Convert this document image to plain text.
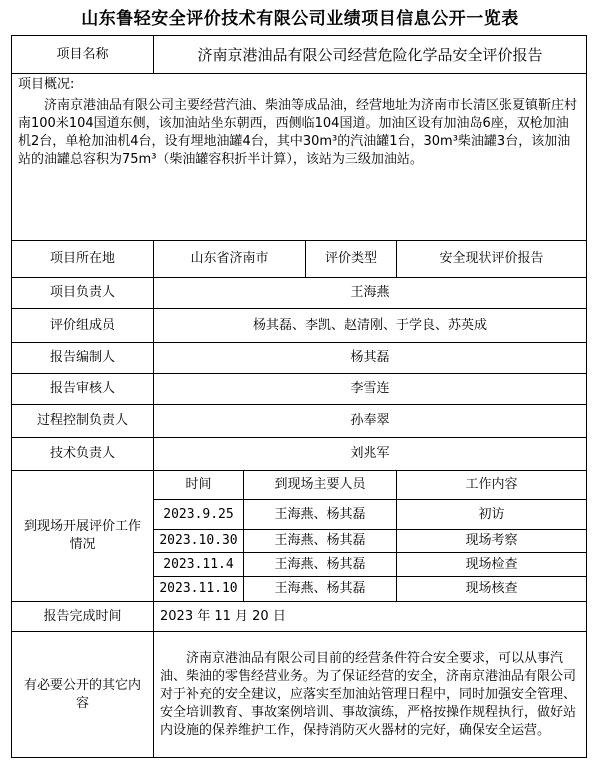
山东鲁轻安全评价技术有限公司业绩项目信息公开一览表
项目名称	济南京港油品有限公司经营危险化学品安全评价报告			

项目概况:
济南京港油品有限公司主要经营汽油、柴油等成品油，经营地址为济南市长清区张夏镇靳庄村南100米104国道东侧，该加油站坐东朝西，西侧临104国道。加油区设有加油岛6座，双枪加油机2台，单枪加油机4台，设有埋地油罐4台，其中30m³的汽油罐1台，30m³柴油罐3台，该加油站的油罐总容积为75m³（柴油罐容积折半计算），该站为三级加油站。				

项目所在地	山东省济南市		评价类型	安全现状评价报告
项目负责人	王海燕			
评价组成员	杨其磊、李凯、赵清刚、于学良、苏英成			
报告编制人	杨其磊			
报告审核人	李雪连			
过程控制负责人	孙奉翠			
技术负责人	刘兆军			
到现场开展评价工作情况	时间	到现场主要人员		工作内容
	2023.9.25	王海燕、杨其磊		初访
	2023.10.30	王海燕、杨其磊		现场考察
	2023.11.4	王海燕、杨其磊		现场检查
	2023.11.10	王海燕、杨其磊		现场核查
报告完成时间	2023 年 11 月 20 日			
有必要公开的其它内容	济南京港油品有限公司目前的经营条件符合安全要求，可以从事汽油、柴油的零售经营业务。为了保证经营的安全，济南京港油品有限公司对于补充的安全建议，应落实至加油站管理日程中，同时加强安全管理、安全培训教育、事故案例培训、事故演练，严格按操作规程执行，做好站内设施的保养维护工作，保持消防灭火器材的完好，确保安全运营。			
